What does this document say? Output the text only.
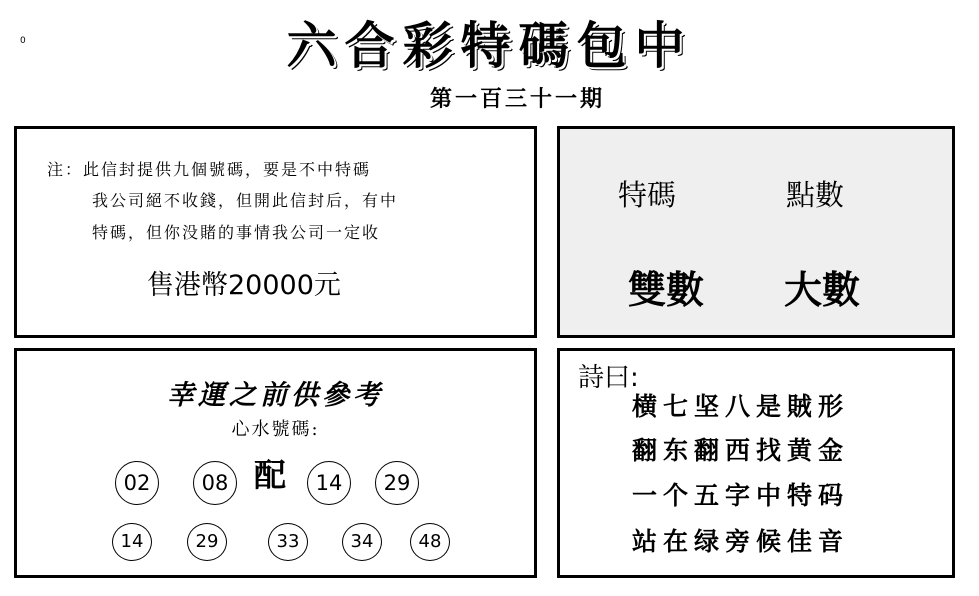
0	六合彩特碼包中
第一百三十一期
注：此信封提供九個號碼，要是不中特碼
我公司絕不收錢，但開此信封后，有中
特碼，但你没賭的事情我公司一定收
售港幣20000元
特碼	點數
雙數 大數
幸運之前供參考
心水號碼:
配
02	08	14	29
14	29	33	34	48
詩曰:
横七坚八是賊形
翻东翻西找黄金
一个五字中特码
站在绿旁候佳音
